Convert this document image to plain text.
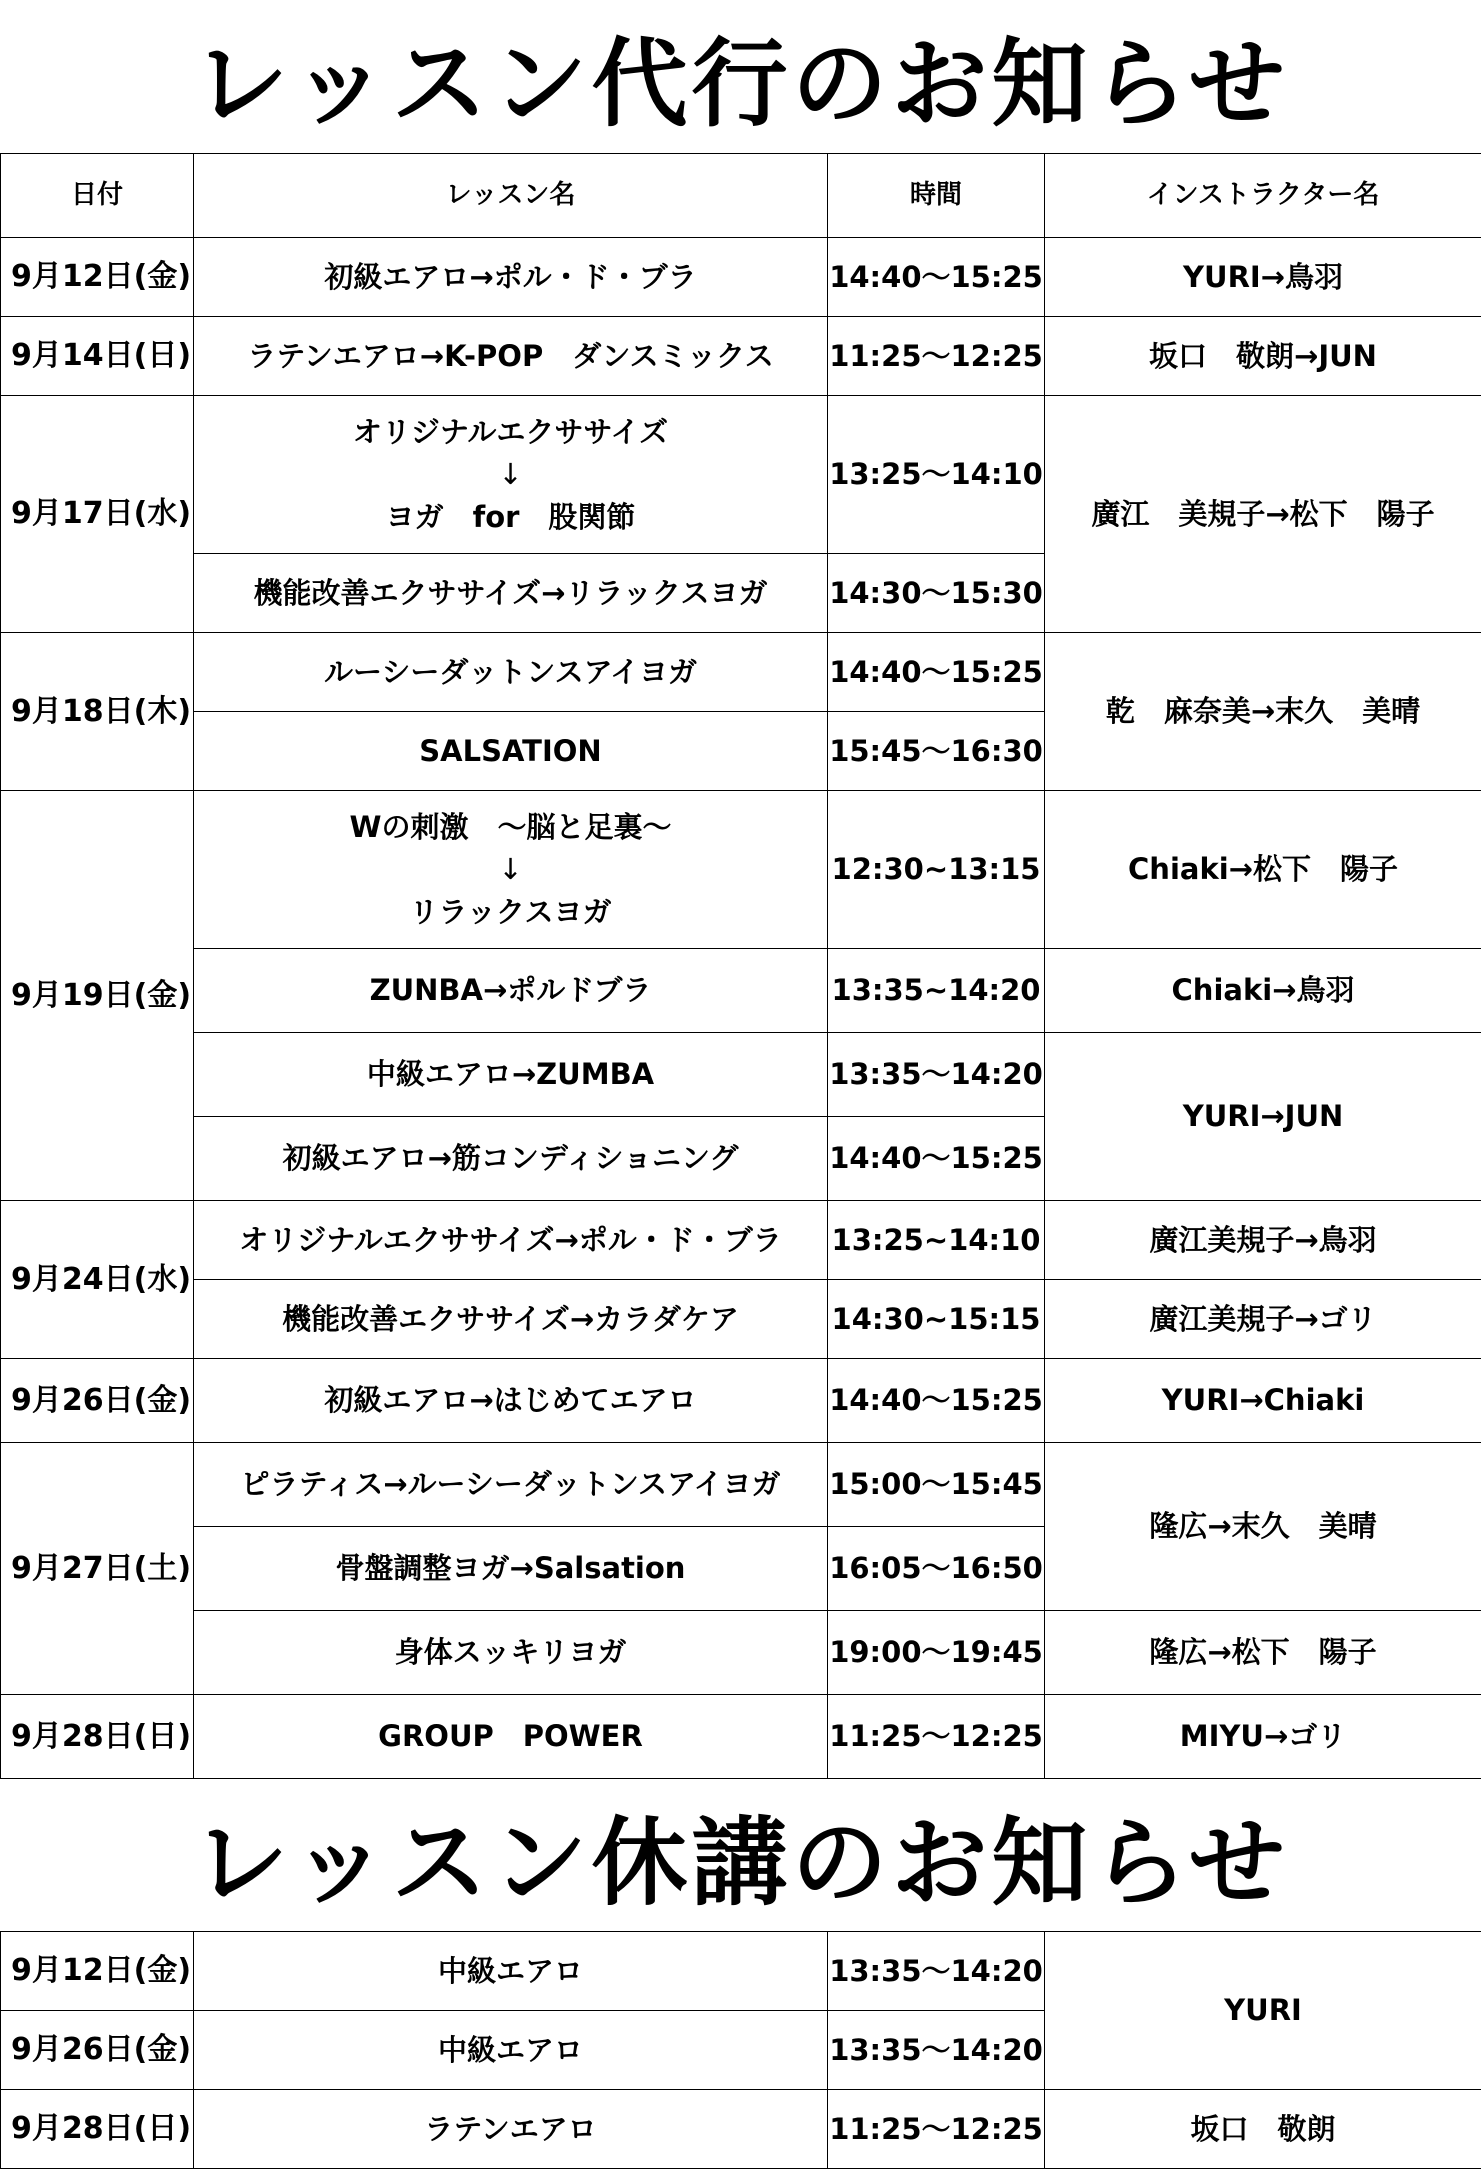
レッスン代行のお知らせ
日付	レッスン名	時間	インストラクター名
9月12日(金)	初級エアロ→ポル・ド・ブラ	14:40〜15:25	YURI→鳥羽
9月14日(日)	ラテンエアロ→K-POP　ダンスミックス	11:25〜12:25	坂口　敬朗→JUN
9月17日(水)	オリジナルエクササイズ
↓
ヨガ　for　股関節	13:25〜14:10	廣江　美規子→松下　陽子
	機能改善エクササイズ→リラックスヨガ	14:30〜15:30	
9月18日(木)	ルーシーダットンスアイヨガ	14:40〜15:25	乾　麻奈美→末久　美晴
	SALSATION	15:45〜16:30	
9月19日(金)	Wの刺激　〜脳と足裏〜
↓
リラックスヨガ	12:30~13:15	Chiaki→松下　陽子
	ZUNBA→ポルドブラ	13:35~14:20	Chiaki→鳥羽
	中級エアロ→ZUMBA	13:35〜14:20	YURI→JUN
	初級エアロ→筋コンディショニング	14:40〜15:25	
9月24日(水)	オリジナルエクササイズ→ポル・ド・ブラ	13:25~14:10	廣江美規子→鳥羽
	機能改善エクササイズ→カラダケア	14:30~15:15	廣江美規子→ゴリ
9月26日(金)	初級エアロ→はじめてエアロ	14:40〜15:25	YURI→Chiaki
9月27日(土)	ピラティス→ルーシーダットンスアイヨガ	15:00〜15:45	隆広→末久　美晴
	骨盤調整ヨガ→Salsation	16:05〜16:50	
	身体スッキリヨガ	19:00〜19:45	隆広→松下　陽子
9月28日(日)	GROUP　POWER	11:25〜12:25	MIYU→ゴリ
レッスン休講のお知らせ
9月12日(金)	中級エアロ	13:35〜14:20	YURI
9月26日(金)	中級エアロ	13:35〜14:20	
9月28日(日)	ラテンエアロ	11:25〜12:25	坂口　敬朗
